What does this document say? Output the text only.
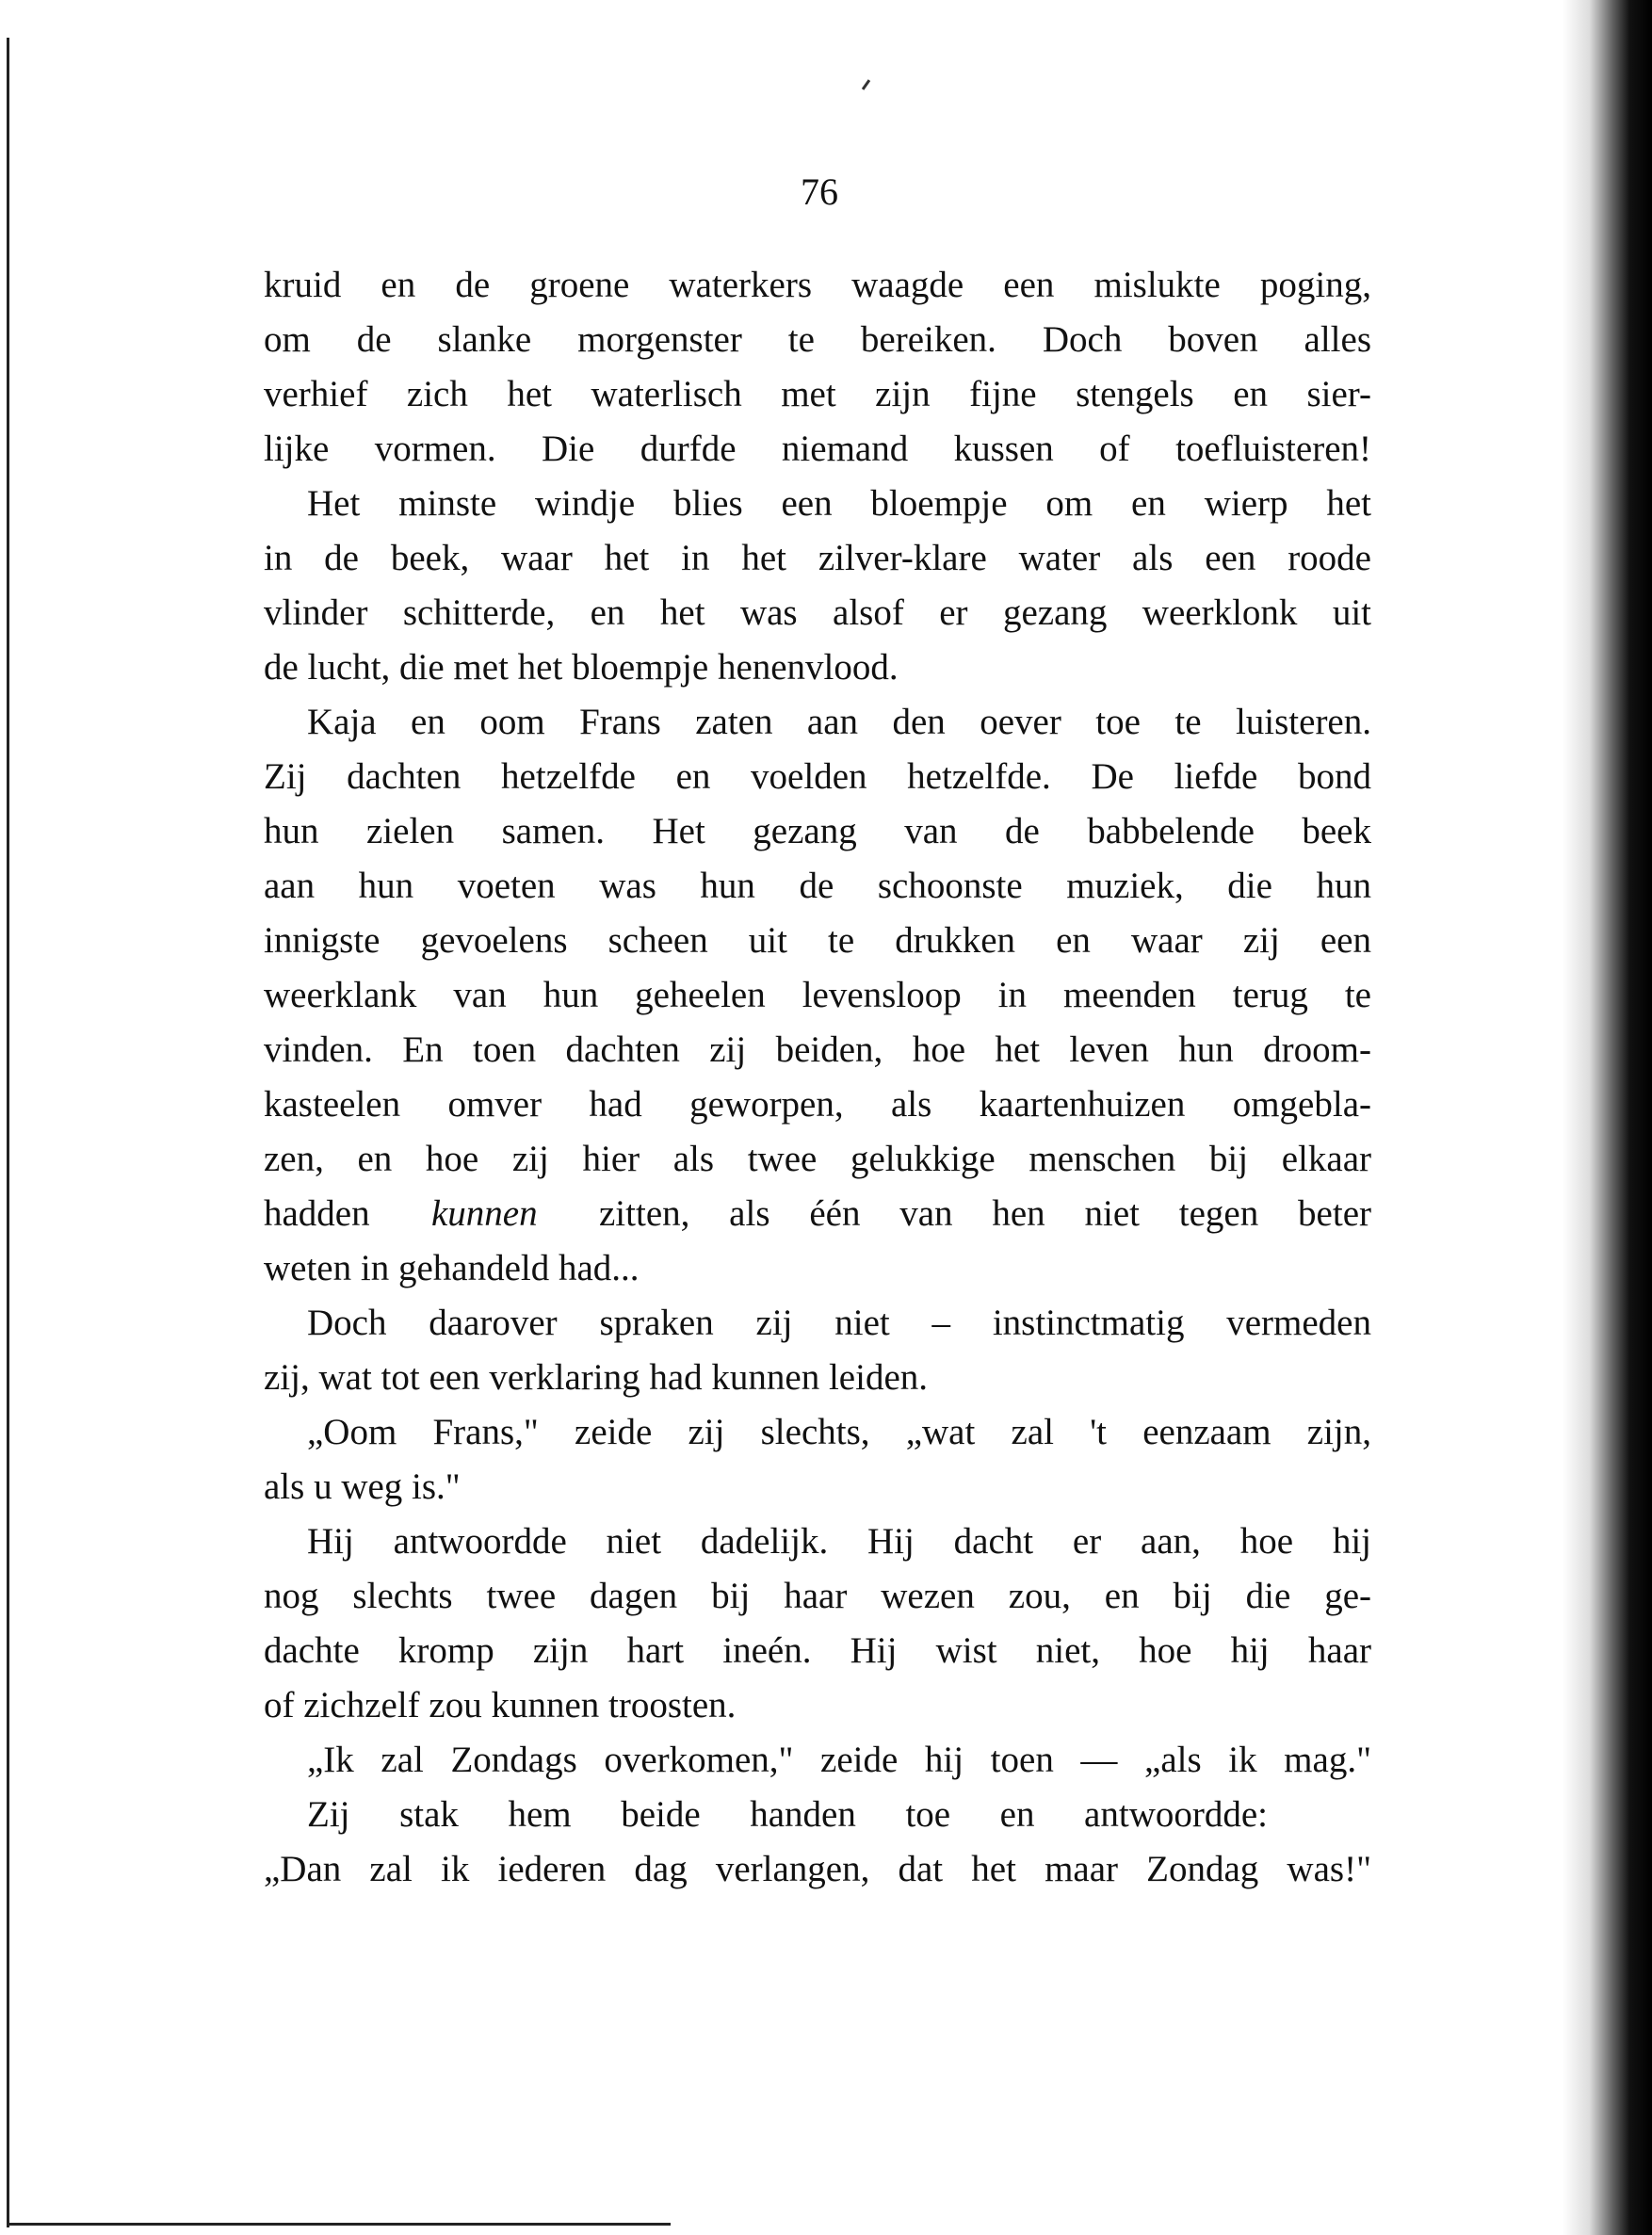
76
kruid en de groene waterkers waagde een mislukte poging,
om de slanke morgenster te bereiken. Doch boven alles
verhief zich het waterlisch met zijn fijne stengels en sier-
lijke vormen. Die durfde niemand kussen of toefluisteren!
Het minste windje blies een bloempje om en wierp het
in de beek, waar het in het zilver-klare water als een roode
vlinder schitterde, en het was alsof er gezang weerklonk uit
de lucht, die met het bloempje henenvlood.
Kaja en oom Frans zaten aan den oever toe te luisteren.
Zij dachten hetzelfde en voelden hetzelfde. De liefde bond
hun zielen samen. Het gezang van de babbelende beek
aan hun voeten was hun de schoonste muziek, die hun
innigste gevoelens scheen uit te drukken en waar zij een
weerklank van hun geheelen levensloop in meenden terug te
vinden. En toen dachten zij beiden, hoe het leven hun droom-
kasteelen omver had geworpen, als kaartenhuizen omgebla-
zen, en hoe zij hier als twee gelukkige menschen bij elkaar
hadden kunnen zitten, als één van hen niet tegen beter
weten in gehandeld had...
Doch daarover spraken zij niet – instinctmatig vermeden
zij, wat tot een verklaring had kunnen leiden.
„Oom Frans," zeide zij slechts, „wat zal 't eenzaam zijn,
als u weg is."
Hij antwoordde niet dadelijk. Hij dacht er aan, hoe hij
nog slechts twee dagen bij haar wezen zou, en bij die ge-
dachte kromp zijn hart ineén. Hij wist niet, hoe hij haar
of zichzelf zou kunnen troosten.
„Ik zal Zondags overkomen," zeide hij toen — „als ik mag."
Zij stak hem beide handen toe en antwoordde:
„Dan zal ik iederen dag verlangen, dat het maar Zondag was!"
